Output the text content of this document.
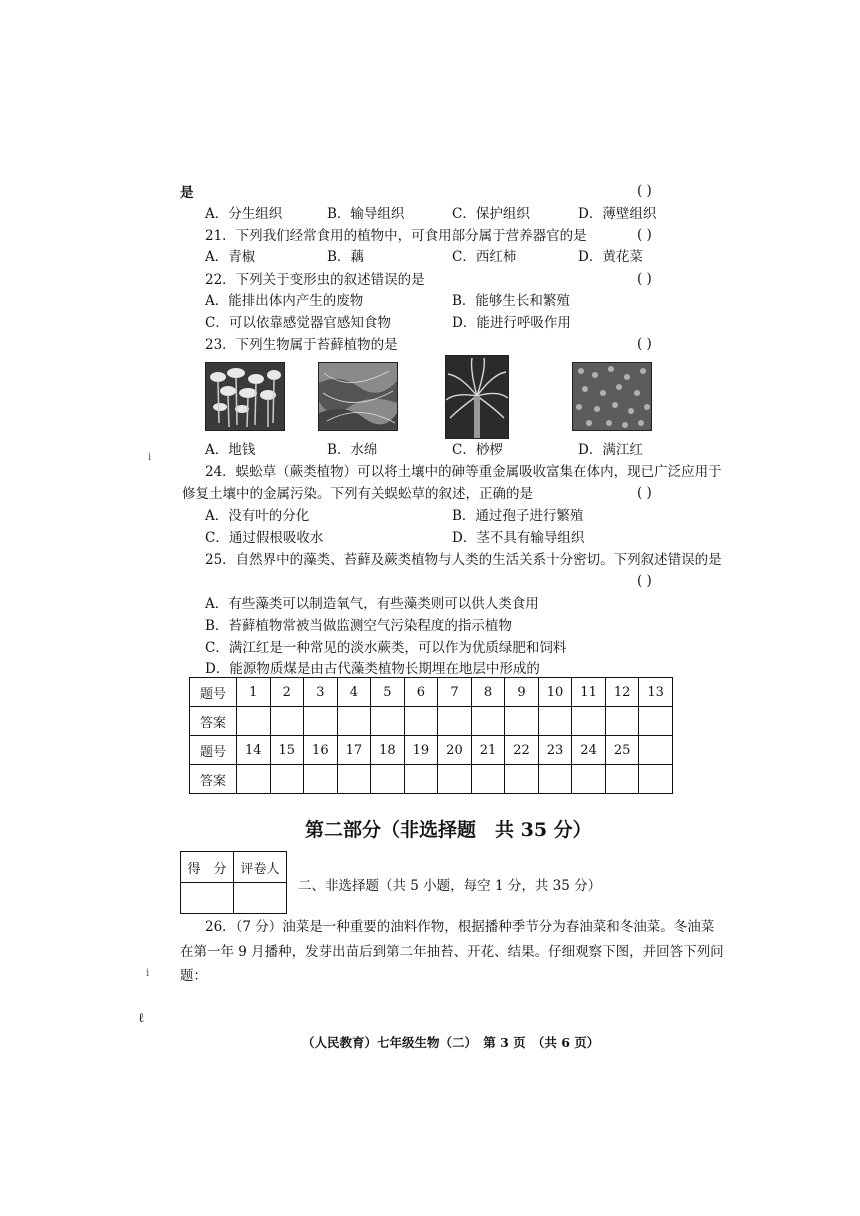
是	( )
A．分生组织	B．输导组织	C．保护组织	D．薄壁组织
21．下列我们经常食用的植物中，可食用部分属于营养器官的是	( )
A．青椒	B．藕	C．西红柿	D．黄花菜
22．下列关于变形虫的叙述错误的是	( )
A．能排出体内产生的废物	B．能够生长和繁殖
C．可以依靠感觉器官感知食物	D．能进行呼吸作用
23．下列生物属于苔藓植物的是	( )
A．地钱	B．水绵	C．桫椤	D．满江红
24．蜈蚣草（蕨类植物）可以将土壤中的砷等重金属吸收富集在体内，现已广泛应用于
修复土壤中的金属污染。下列有关蜈蚣草的叙述，正确的是	( )
A．没有叶的分化	B．通过孢子进行繁殖
C．通过假根吸收水	D．茎不具有输导组织
25．自然界中的藻类、苔藓及蕨类植物与人类的生活关系十分密切。下列叙述错误的是
( )
A．有些藻类可以制造氧气，有些藻类则可以供人类食用
B．苔藓植物常被当做监测空气污染程度的指示植物
C．满江红是一种常见的淡水蕨类，可以作为优质绿肥和饲料
D．能源物质煤是由古代藻类植物长期埋在地层中形成的
题号	1	2	3	4	5	6	7	8	9	10	11	12	13
答案													
题号	14	15	16	17	18	19	20	21	22	23	24	25	
答案													
第二部分（非选择题　共 35 分）
得　分	评卷人

二、非选择题（共 5 小题，每空 1 分，共 35 分）
26．（7 分）油菜是一种重要的油料作物，根据播种季节分为春油菜和冬油菜。冬油菜
在第一年 9 月播种，发芽出苗后到第二年抽苔、开花、结果。仔细观察下图，并回答下列问
题：
（人民教育）七年级生物（二）　第 3 页　（共 6 页）
i
i
ℓ
